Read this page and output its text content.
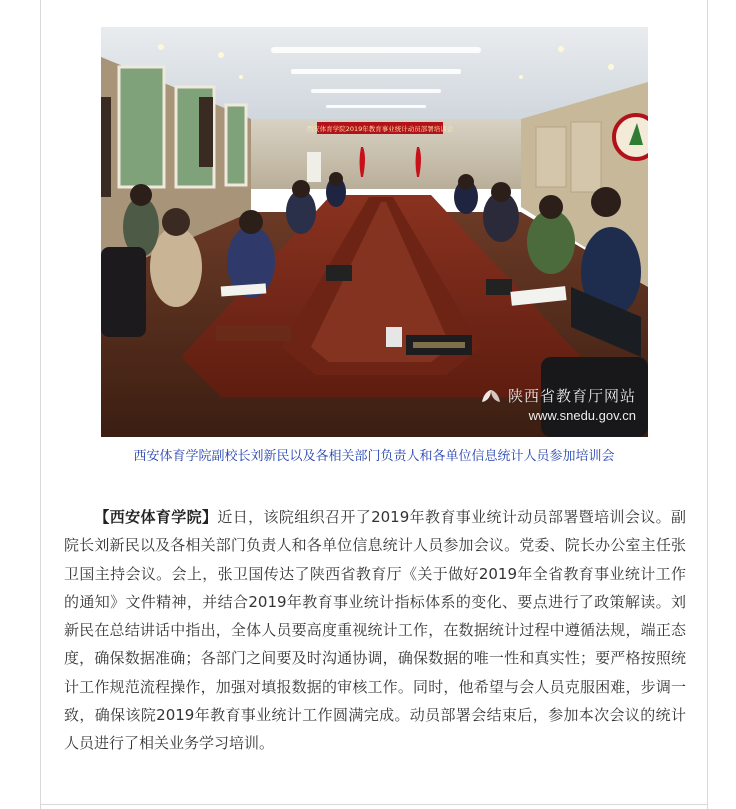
西安体育学院2019年教育事业统计动员部署培训会
陕西省教育厅网站
www.snedu.gov.cn
西安体育学院副校长刘新民以及各相关部门负责人和各单位信息统计人员参加培训会
【西安体育学院】近日，该院组织召开了2019年教育事业统计动员部署暨培训会议。副院长刘新民以及各相关部门负责人和各单位信息统计人员参加会议。党委、院长办公室主任张卫国主持会议。会上，张卫国传达了陕西省教育厅《关于做好2019年全省教育事业统计工作的通知》文件精神，并结合2019年教育事业统计指标体系的变化、要点进行了政策解读。刘新民在总结讲话中指出，全体人员要高度重视统计工作，在数据统计过程中遵循法规，端正态度，确保数据准确；各部门之间要及时沟通协调，确保数据的唯一性和真实性；要严格按照统计工作规范流程操作，加强对填报数据的审核工作。同时，他希望与会人员克服困难，步调一致，确保该院2019年教育事业统计工作圆满完成。动员部署会结束后，参加本次会议的统计人员进行了相关业务学习培训。
